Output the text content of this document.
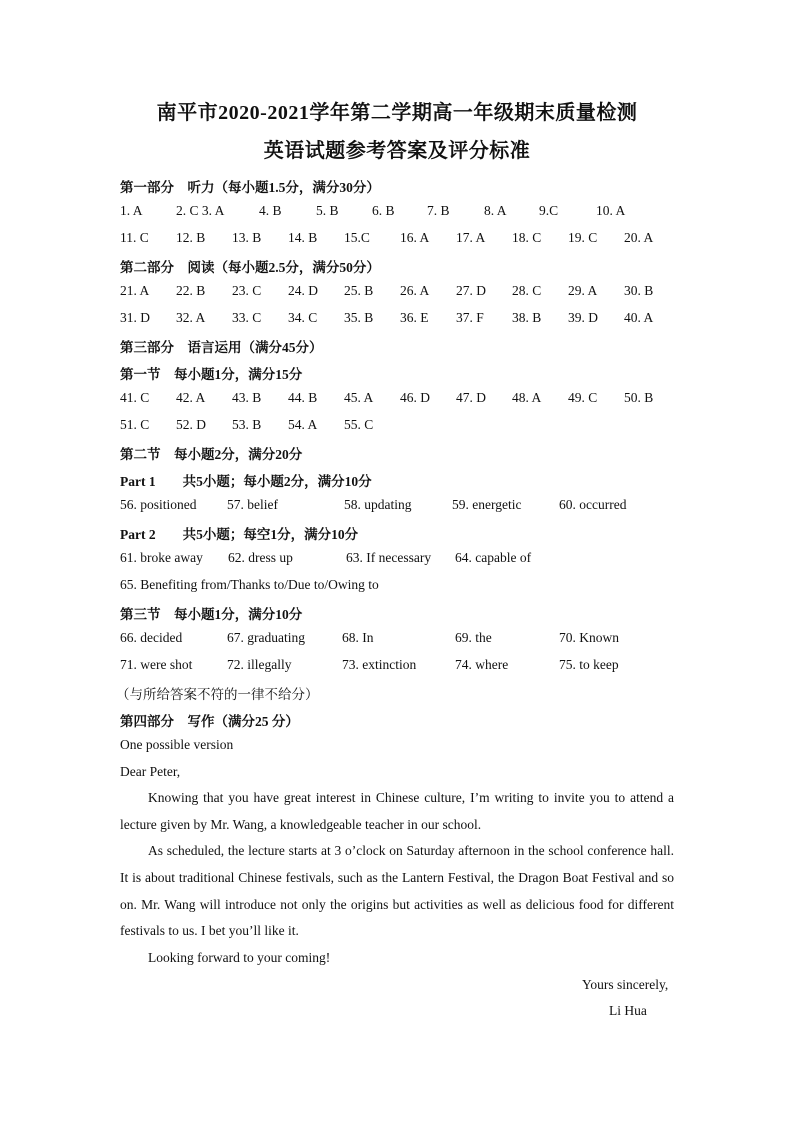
南平市2020-2021学年第二学期高一年级期末质量检测
英语试题参考答案及评分标准
第一部分　听力（每小题1.5分，满分30分）
1. A 2. C 3. A	4. B	5. B 6. B 7. B	8. A 9.C	10. A
11. C 12. B 13. B 14. B 15.C 16. A 17. A 18. C 19. C 20. A
第二部分　阅读（每小题2.5分，满分50分）
21. A 22. B 23. C 24. D 25. B 26. A 27. D 28. C 29. A 30. B
31. D 32. A 33. C 34. C 35. B 36. E 37. F 38. B 39. D 40. A
第三部分　语言运用（满分45分）
第一节　每小题1分，满分15分
41. C 42. A 43. B 44. B 45. A 46. D 47. D 48. A 49. C 50. B
51. C 52. D 53. B 54. A 55. C
第二节　每小题2分，满分20分
Part 1　　共5小题；每小题2分，满分10分
56. positioned 57. belief	58. updating	59. energetic	60. occurred
Part 2　　共5小题；每空1分，满分10分
61. broke away 62. dress up	63. If necessary 64. capable of
65. Benefiting from/Thanks to/Due to/Owing to
第三节　每小题1分，满分10分
66. decided	67. graduating	68. In	69. the	70. Known
71. were shot	72. illegally	73. extinction	74. where	75. to keep
（与所给答案不符的一律不给分）
第四部分　写作（满分25 分）
One possible version
Dear Peter,
Knowing that you have great interest in Chinese culture, I’m writing to invite you to attend a lecture given by Mr. Wang, a knowledgeable teacher in our school.
As scheduled, the lecture starts at 3 o’clock on Saturday afternoon in the school conference hall. It is about traditional Chinese festivals, such as the Lantern Festival, the Dragon Boat Festival and so on. Mr. Wang will introduce not only the origins but activities as well as delicious food for different festivals to us. I bet you’ll like it.
Looking forward to your coming!
Yours sincerely,
Li Hua
